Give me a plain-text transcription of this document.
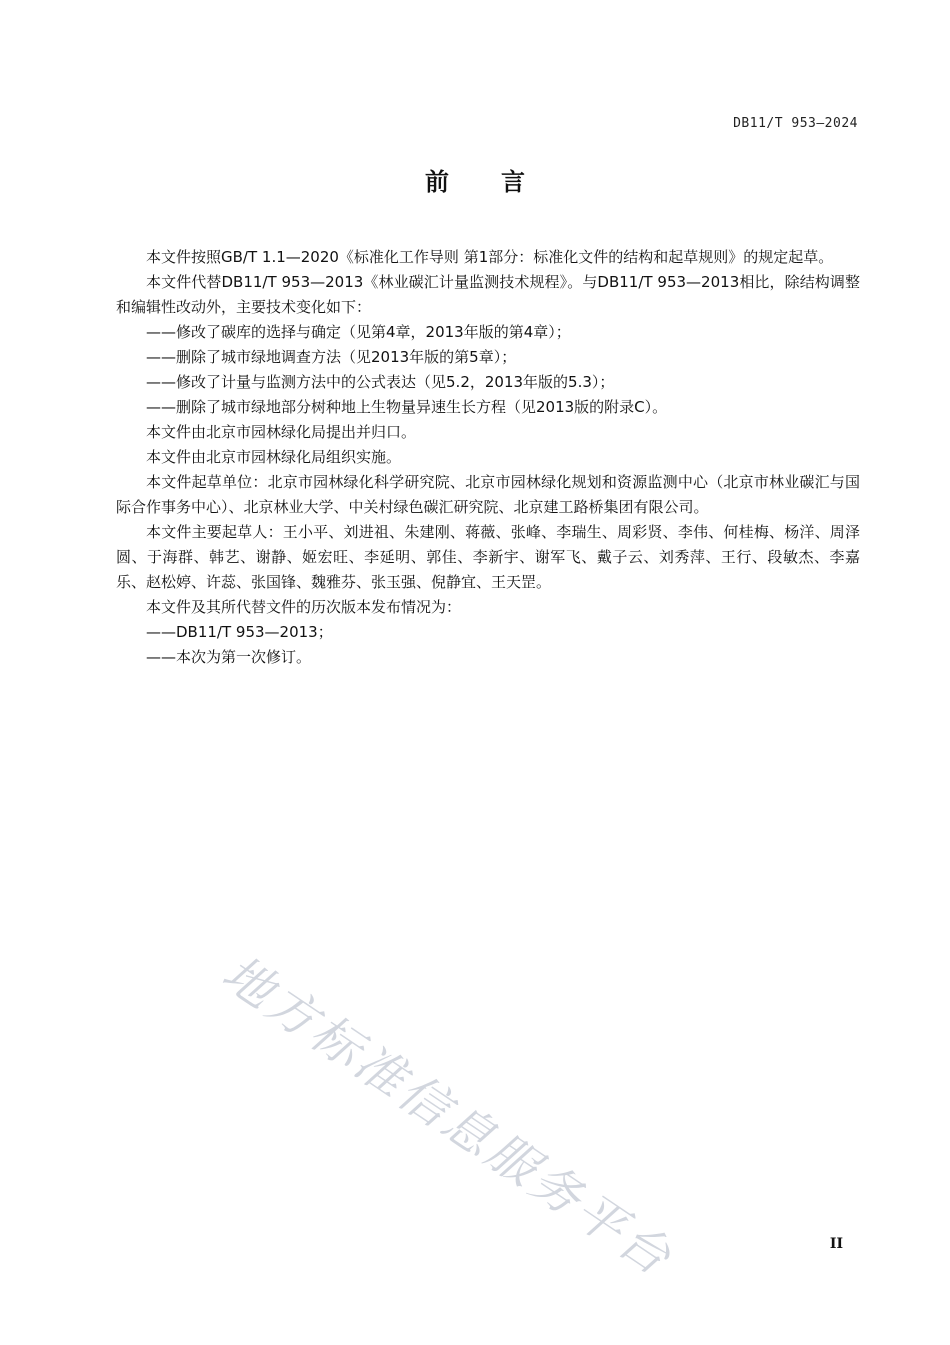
DB11/T 953—2024
前言

本文件按照GB/T 1.1—2020《标准化工作导则 第1部分：标准化文件的结构和起草规则》的规定起草。

本文件代替DB11/T 953—2013《林业碳汇计量监测技术规程》。与DB11/T 953—2013相比，除结构调整和编辑性改动外，主要技术变化如下：

——修改了碳库的选择与确定（见第4章，2013年版的第4章）；

——删除了城市绿地调查方法（见2013年版的第5章）；

——修改了计量与监测方法中的公式表达（见5.2，2013年版的5.3）；

——删除了城市绿地部分树种地上生物量异速生长方程（见2013版的附录C）。

本文件由北京市园林绿化局提出并归口。

本文件由北京市园林绿化局组织实施。

本文件起草单位：北京市园林绿化科学研究院、北京市园林绿化规划和资源监测中心（北京市林业碳汇与国际合作事务中心）、北京林业大学、中关村绿色碳汇研究院、北京建工路桥集团有限公司。

本文件主要起草人：王小平、刘进祖、朱建刚、蒋薇、张峰、李瑞生、周彩贤、李伟、何桂梅、杨洋、周泽圆、于海群、韩艺、谢静、姬宏旺、李延明、郭佳、李新宇、谢军飞、戴子云、刘秀萍、王行、段敏杰、李嘉乐、赵松婷、许蕊、张国锋、魏雅芬、张玉强、倪静宜、王天罡。

本文件及其所代替文件的历次版本发布情况为：

——DB11/T 953—2013；

——本次为第一次修订。

地方标准信息服务平台	II
